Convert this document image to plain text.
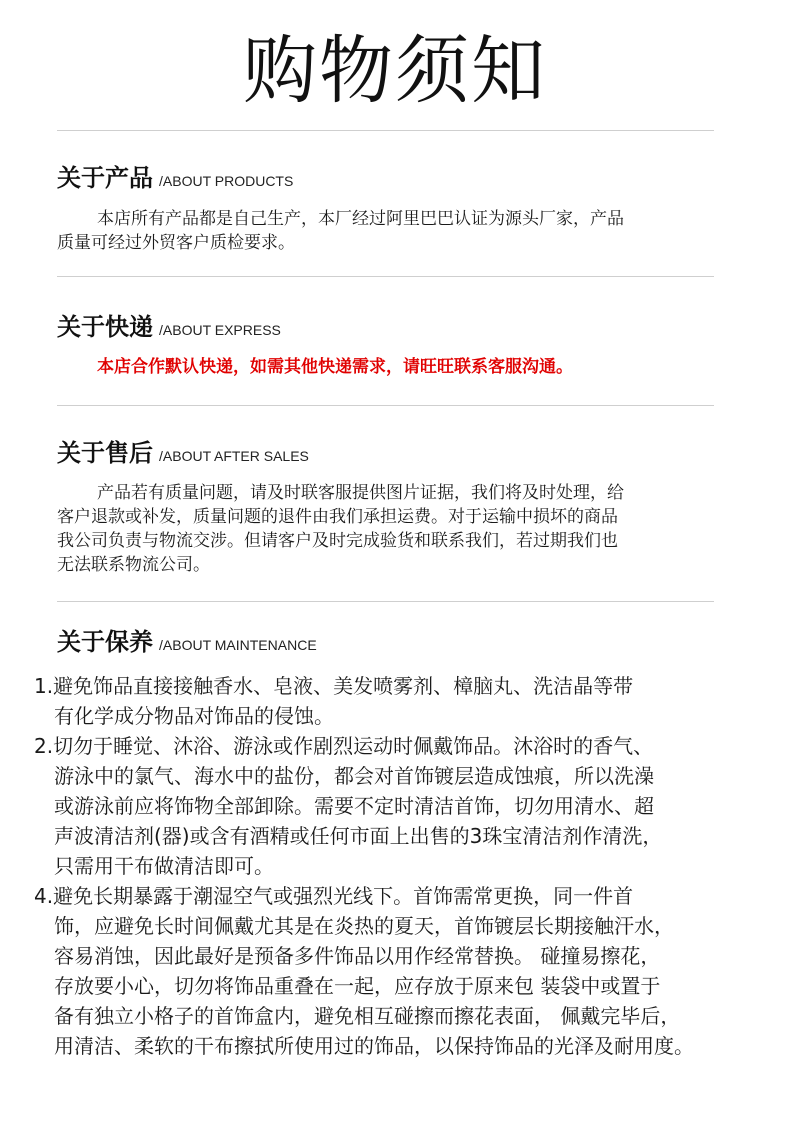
购物须知
关于产品 /ABOUT PRODUCTS
本店所有产品都是自己生产，本厂经过阿里巴巴认证为源头厂家，产品
质量可经过外贸客户质检要求。
关于快递 /ABOUT EXPRESS
本店合作默认快递，如需其他快递需求，请旺旺联系客服沟通。
关于售后 /ABOUT AFTER SALES
产品若有质量问题，请及时联客服提供图片证据，我们将及时处理，给
客户退款或补发，质量问题的退件由我们承担运费。对于运输中损坏的商品
我公司负责与物流交涉。但请客户及时完成验货和联系我们，若过期我们也
无法联系物流公司。
关于保养 /ABOUT MAINTENANCE
1.避免饰品直接接触香水、皂液、美发喷雾剂、樟脑丸、洗洁晶等带
有化学成分物品对饰品的侵蚀。
2.切勿于睡觉、沐浴、游泳或作剧烈运动时佩戴饰品。沐浴时的香气、
游泳中的氯气、海水中的盐份，都会对首饰镀层造成蚀痕，所以洗澡
或游泳前应将饰物全部卸除。需要不定时清洁首饰，切勿用清水、超
声波清洁剂(器)或含有酒精或任何市面上出售的3珠宝清洁剂作清洗，
只需用干布做清洁即可。
4.避免长期暴露于潮湿空气或强烈光线下。首饰需常更换，同一件首
饰，应避免长时间佩戴尤其是在炎热的夏天，首饰镀层长期接触汗水，
容易消蚀，因此最好是预备多件饰品以用作经常替换。 碰撞易擦花，
存放要小心，切勿将饰品重叠在一起，应存放于原来包 装袋中或置于
备有独立小格子的首饰盒内，避免相互碰擦而擦花表面， 佩戴完毕后，
用清洁、柔软的干布擦拭所使用过的饰品，以保持饰品的光泽及耐用度。
